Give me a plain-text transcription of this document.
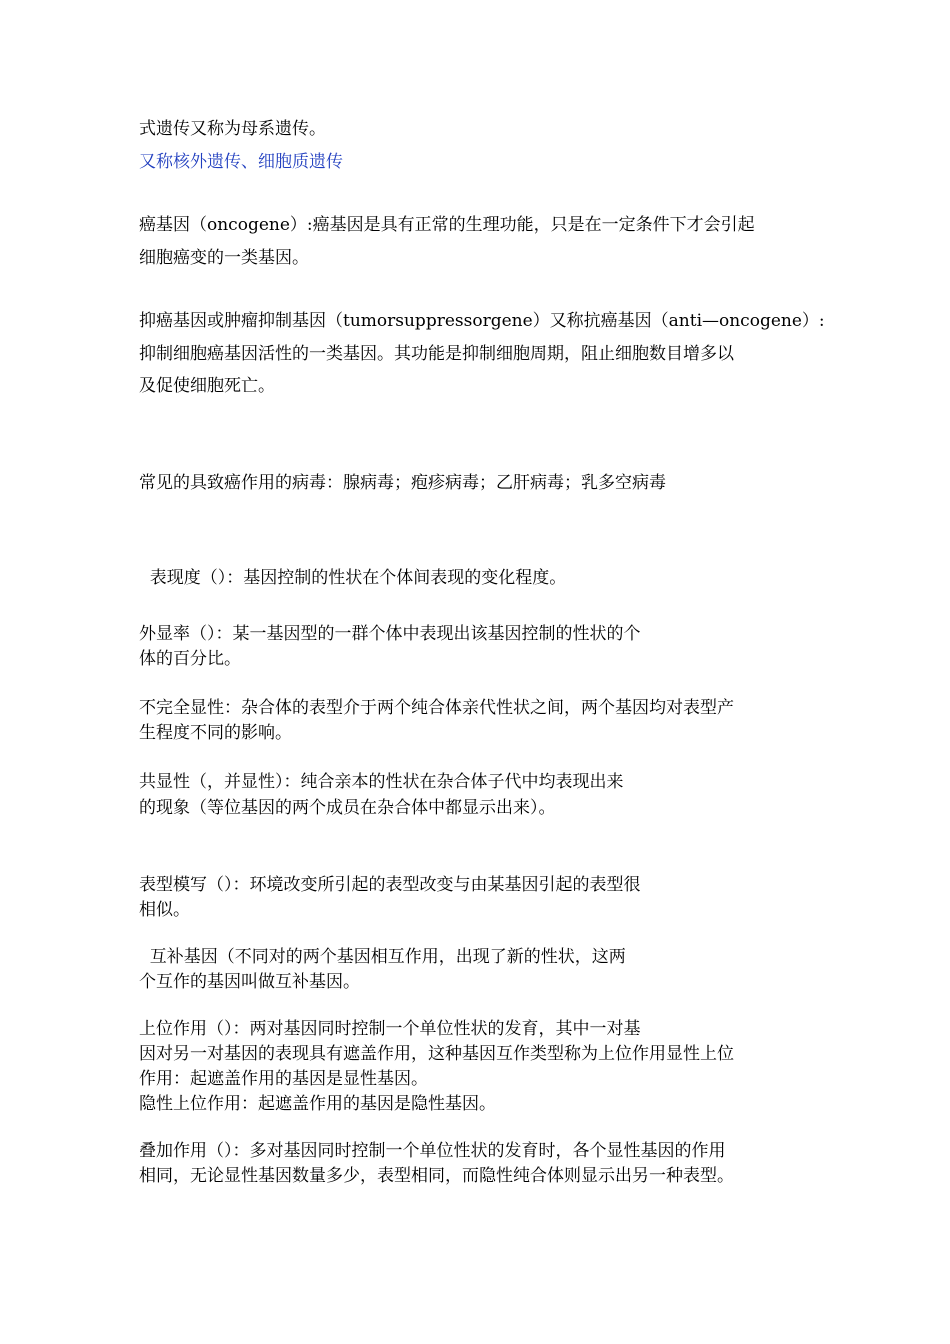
式遗传又称为母系遗传。
又称核外遗传、细胞质遗传
癌基因（oncogene）:癌基因是具有正常的生理功能，只是在一定条件下才会引起
细胞癌变的一类基因。
抑癌基因或肿瘤抑制基因（tumorsuppressorgene）又称抗癌基因（anti—oncogene）:
抑制细胞癌基因活性的一类基因。其功能是抑制细胞周期，阻止细胞数目增多以
及促使细胞死亡。
常见的具致癌作用的病毒：腺病毒；疱疹病毒；乙肝病毒；乳多空病毒
表现度（）：基因控制的性状在个体间表现的变化程度。
外显率（）：某一基因型的一群个体中表现出该基因控制的性状的个
体的百分比。
不完全显性：杂合体的表型介于两个纯合体亲代性状之间，两个基因均对表型产
生程度不同的影响。
共显性（，并显性）：纯合亲本的性状在杂合体子代中均表现出来
的现象（等位基因的两个成员在杂合体中都显示出来）。
表型模写（）：环境改变所引起的表型改变与由某基因引起的表型很
相似。
互补基因（不同对的两个基因相互作用，出现了新的性状，这两
个互作的基因叫做互补基因。
上位作用（）：两对基因同时控制一个单位性状的发育，其中一对基
因对另一对基因的表现具有遮盖作用，这种基因互作类型称为上位作用显性上位
作用：起遮盖作用的基因是显性基因。
隐性上位作用：起遮盖作用的基因是隐性基因。
叠加作用（）：多对基因同时控制一个单位性状的发育时，各个显性基因的作用
相同，无论显性基因数量多少，表型相同，而隐性纯合体则显示出另一种表型。
